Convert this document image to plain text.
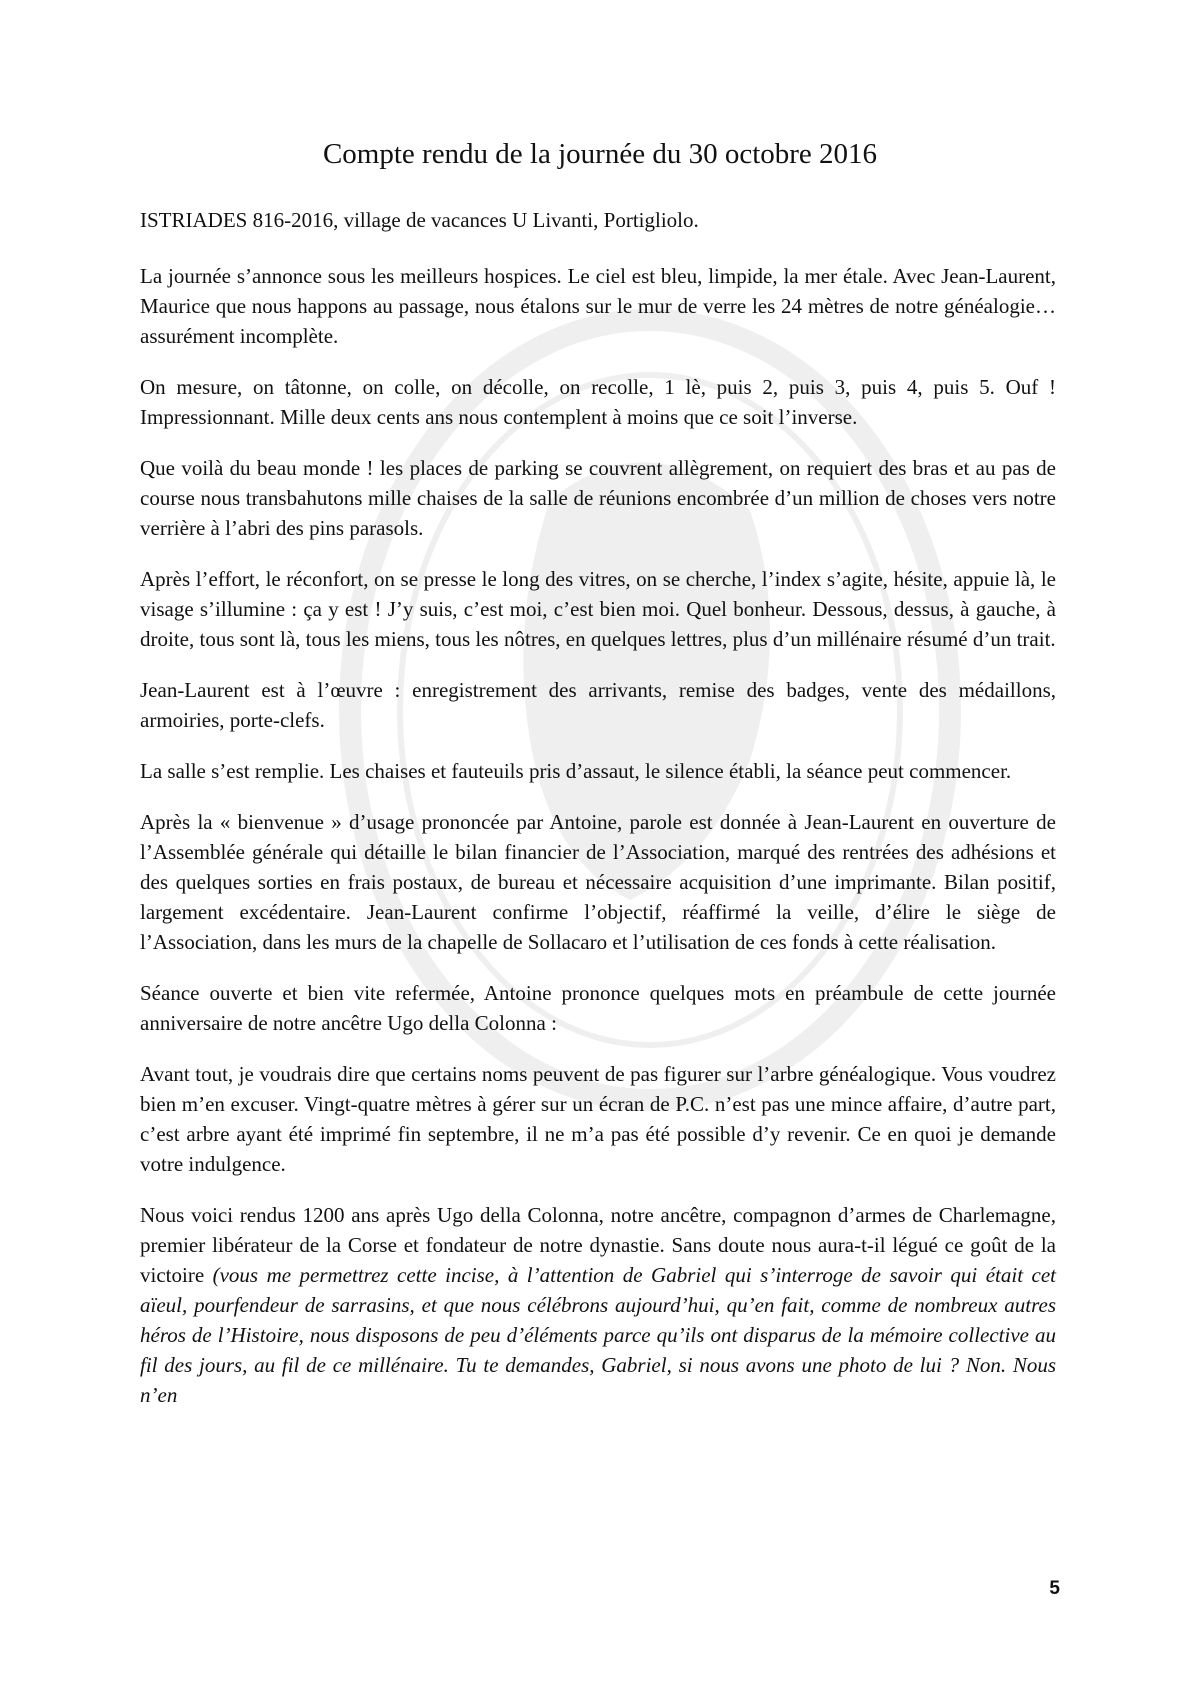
Compte rendu de la journée du 30 octobre 2016

ISTRIADES 816-2016, village de vacances U Livanti, Portigliolo.

La journée s’annonce sous les meilleurs hospices. Le ciel est bleu, limpide, la mer étale. Avec Jean-Laurent, Maurice que nous happons au passage, nous étalons sur le mur de verre les 24 mètres de notre généalogie… assurément incomplète.

On mesure, on tâtonne, on colle, on décolle, on recolle, 1 lè, puis 2, puis 3, puis 4, puis 5. Ouf ! Impressionnant. Mille deux cents ans nous contemplent à moins que ce soit l’inverse.

Que voilà du beau monde ! les places de parking se couvrent allègrement, on requiert des bras et au pas de course nous transbahutons mille chaises de la salle de réunions encombrée d’un million de choses vers notre verrière à l’abri des pins parasols.

Après l’effort, le réconfort, on se presse le long des vitres, on se cherche, l’index s’agite, hésite, appuie là, le visage s’illumine : ça y est ! J’y suis, c’est moi, c’est bien moi. Quel bonheur. Dessous, dessus, à gauche, à droite, tous sont là, tous les miens, tous les nôtres, en quelques lettres, plus d’un millénaire résumé d’un trait.

Jean-Laurent est à l’œuvre : enregistrement des arrivants, remise des badges, vente des médaillons, armoiries, porte-clefs.

La salle s’est remplie. Les chaises et fauteuils pris d’assaut, le silence établi, la séance peut commencer.

Après la « bienvenue » d’usage prononcée par Antoine, parole est donnée à Jean-Laurent en ouverture de l’Assemblée générale qui détaille le bilan financier de l’Association, marqué des rentrées des adhésions et des quelques sorties en frais postaux, de bureau et nécessaire acquisition d’une imprimante. Bilan positif, largement excédentaire. Jean-Laurent confirme l’objectif, réaffirmé la veille, d’élire le siège de l’Association, dans les murs de la chapelle de Sollacaro et l’utilisation de ces fonds à cette réalisation.

Séance ouverte et bien vite refermée, Antoine prononce quelques mots en préambule de cette journée anniversaire de notre ancêtre Ugo della Colonna :

Avant tout, je voudrais dire que certains noms peuvent de pas figurer sur l’arbre généalogique. Vous voudrez bien m’en excuser. Vingt-quatre mètres à gérer sur un écran de P.C. n’est pas une mince affaire, d’autre part, c’est arbre ayant été imprimé fin septembre, il ne m’a pas été possible d’y revenir. Ce en quoi je demande votre indulgence.

Nous voici rendus 1200 ans après Ugo della Colonna, notre ancêtre, compagnon d’armes de Charlemagne, premier libérateur de la Corse et fondateur de notre dynastie. Sans doute nous aura-t-il légué ce goût de la victoire (vous me permettrez cette incise, à l’attention de Gabriel qui s’interroge de savoir qui était cet aïeul, pourfendeur de sarrasins, et que nous célébrons aujourd’hui, qu’en fait, comme de nombreux autres héros de l’Histoire, nous disposons de peu d’éléments parce qu’ils ont disparus de la mémoire collective au fil des jours, au fil de ce millénaire. Tu te demandes, Gabriel, si nous avons une photo de lui ? Non. Nous n’en

5
